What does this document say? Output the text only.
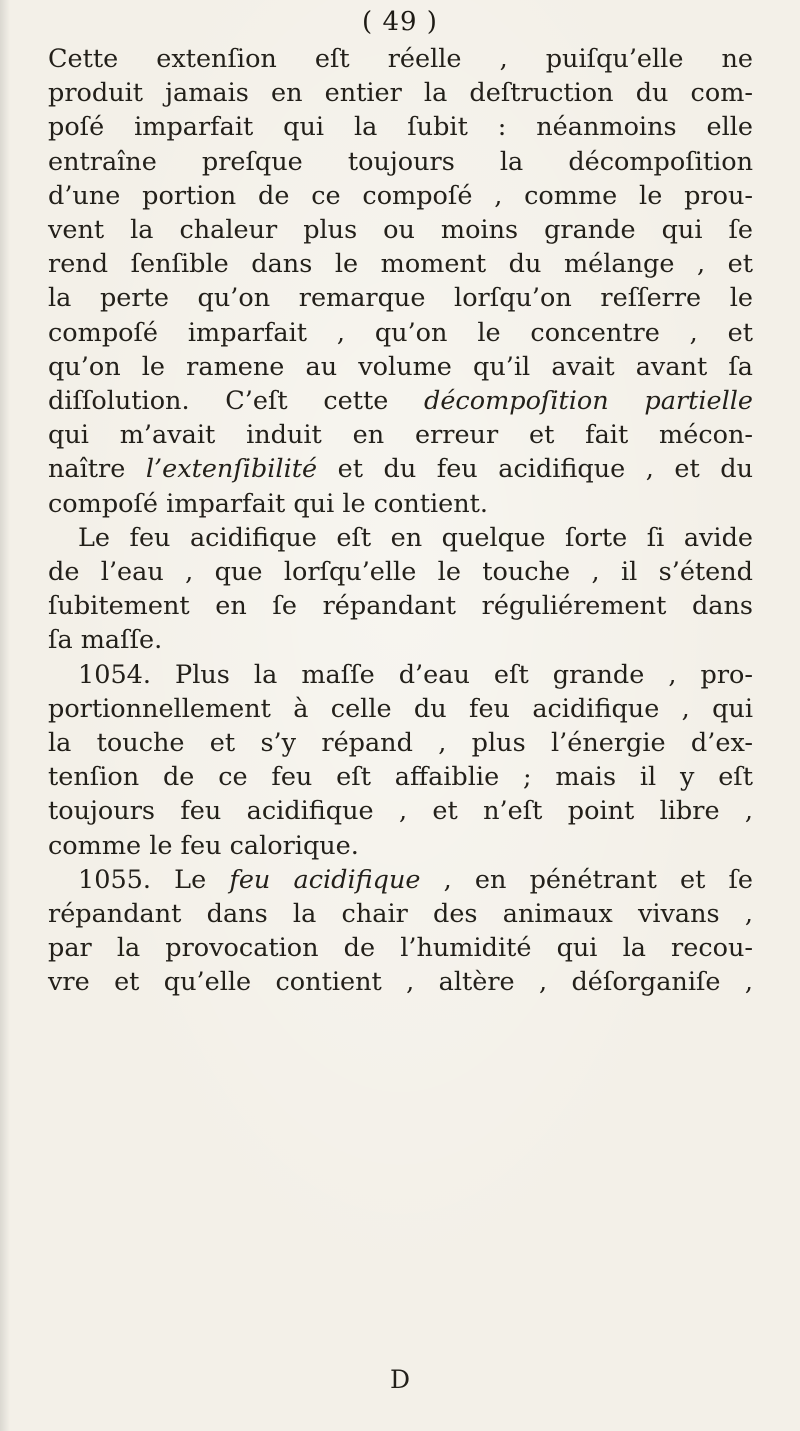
( 49 )
Cette extenſion eſt réelle , puiſqu’elle ne
produit jamais en entier la deſtruction du com-
poſé imparfait qui la ſubit : néanmoins elle
entraîne preſque toujours la décompoſition
d’une portion de ce compoſé , comme le prou-
vent la chaleur plus ou moins grande qui ſe
rend ſenſible dans le moment du mélange , et
la perte qu’on remarque lorſqu’on reſſerre le
compoſé imparfait , qu’on le concentre , et
qu’on le ramene au volume qu’il avait avant ſa
diſſolution. C’eſt cette décompoſition partielle
qui m’avait induit en erreur et fait mécon-
naître l’extenſibilité et du feu acidifique , et du
compoſé imparfait qui le contient.
Le feu acidifique eſt en quelque ſorte ſi avide
de l’eau , que lorſqu’elle le touche , il s’étend
ſubitement en ſe répandant réguliérement dans
ſa maſſe.
1054. Plus la maſſe d’eau eſt grande , pro-
portionnellement à celle du feu acidifique , qui
la touche et s’y répand , plus l’énergie d’ex-
tenſion de ce feu eſt affaiblie ; mais il y eſt
toujours feu acidifique , et n’eſt point libre ,
comme le feu calorique.
1055. Le feu acidifique , en pénétrant et ſe
répandant dans la chair des animaux vivans ,
par la provocation de l’humidité qui la recou-
vre et qu’elle contient , altère , déſorganiſe ,
D
